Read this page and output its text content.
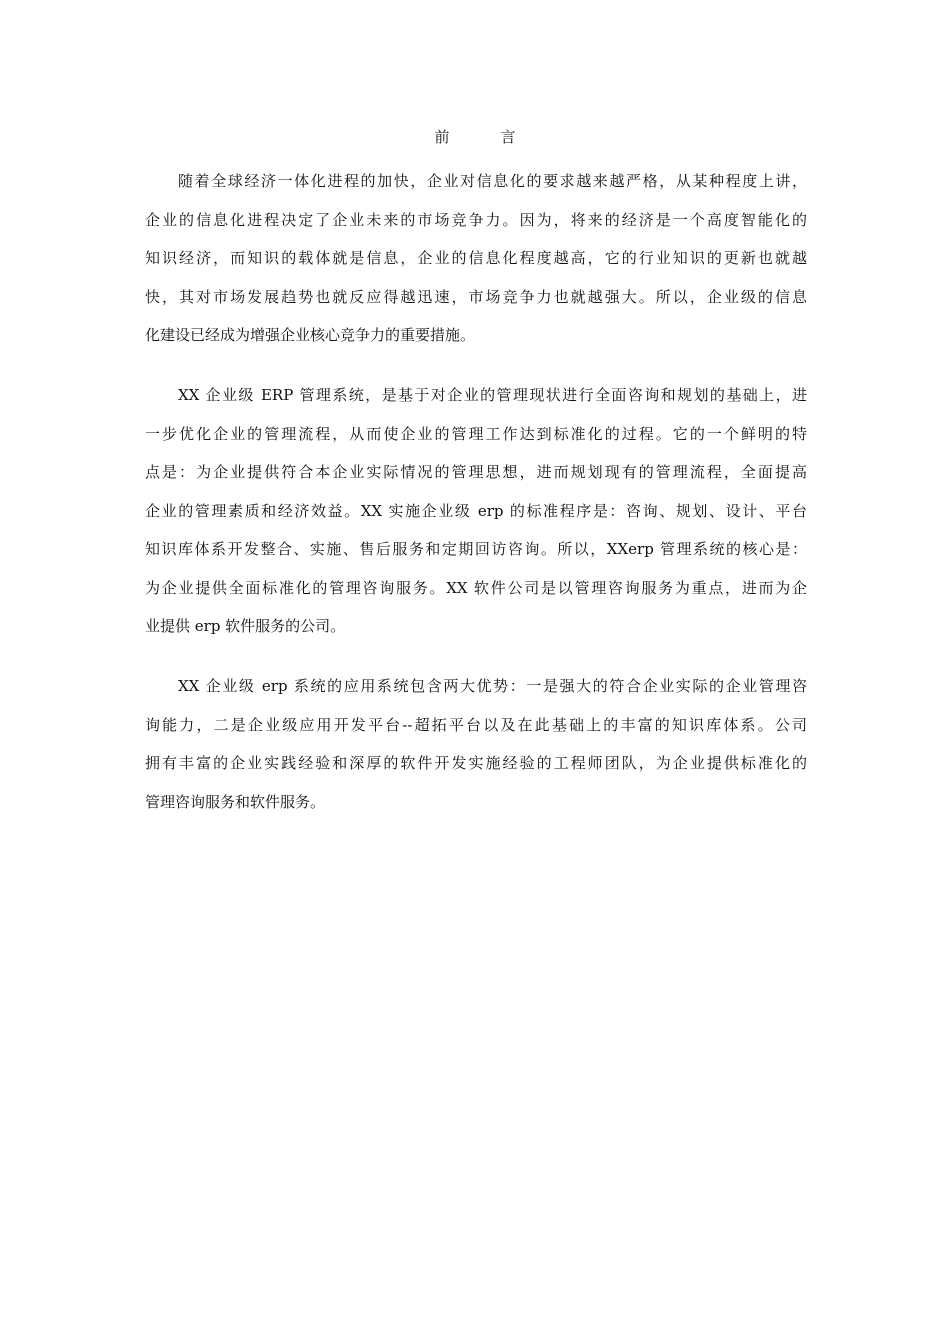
前　言
随着全球经济一体化进程的加快，企业对信息化的要求越来越严格，从某种程度上讲，
企业的信息化进程决定了企业未来的市场竞争力。因为，将来的经济是一个高度智能化的
知识经济，而知识的载体就是信息，企业的信息化程度越高，它的行业知识的更新也就越
快，其对市场发展趋势也就反应得越迅速，市场竞争力也就越强大。所以，企业级的信息
化建设已经成为增强企业核心竞争力的重要措施。
XX 企业级 ERP 管理系统，是基于对企业的管理现状进行全面咨询和规划的基础上，进
一步优化企业的管理流程，从而使企业的管理工作达到标准化的过程。它的一个鲜明的特
点是：为企业提供符合本企业实际情况的管理思想，进而规划现有的管理流程，全面提高
企业的管理素质和经济效益。XX 实施企业级 erp 的标准程序是：咨询、规划、设计、平台
知识库体系开发整合、实施、售后服务和定期回访咨询。所以，XXerp 管理系统的核心是：
为企业提供全面标准化的管理咨询服务。XX 软件公司是以管理咨询服务为重点，进而为企
业提供 erp 软件服务的公司。
XX 企业级 erp 系统的应用系统包含两大优势：一是强大的符合企业实际的企业管理咨
询能力，二是企业级应用开发平台--超拓平台以及在此基础上的丰富的知识库体系。公司
拥有丰富的企业实践经验和深厚的软件开发实施经验的工程师团队，为企业提供标准化的
管理咨询服务和软件服务。
